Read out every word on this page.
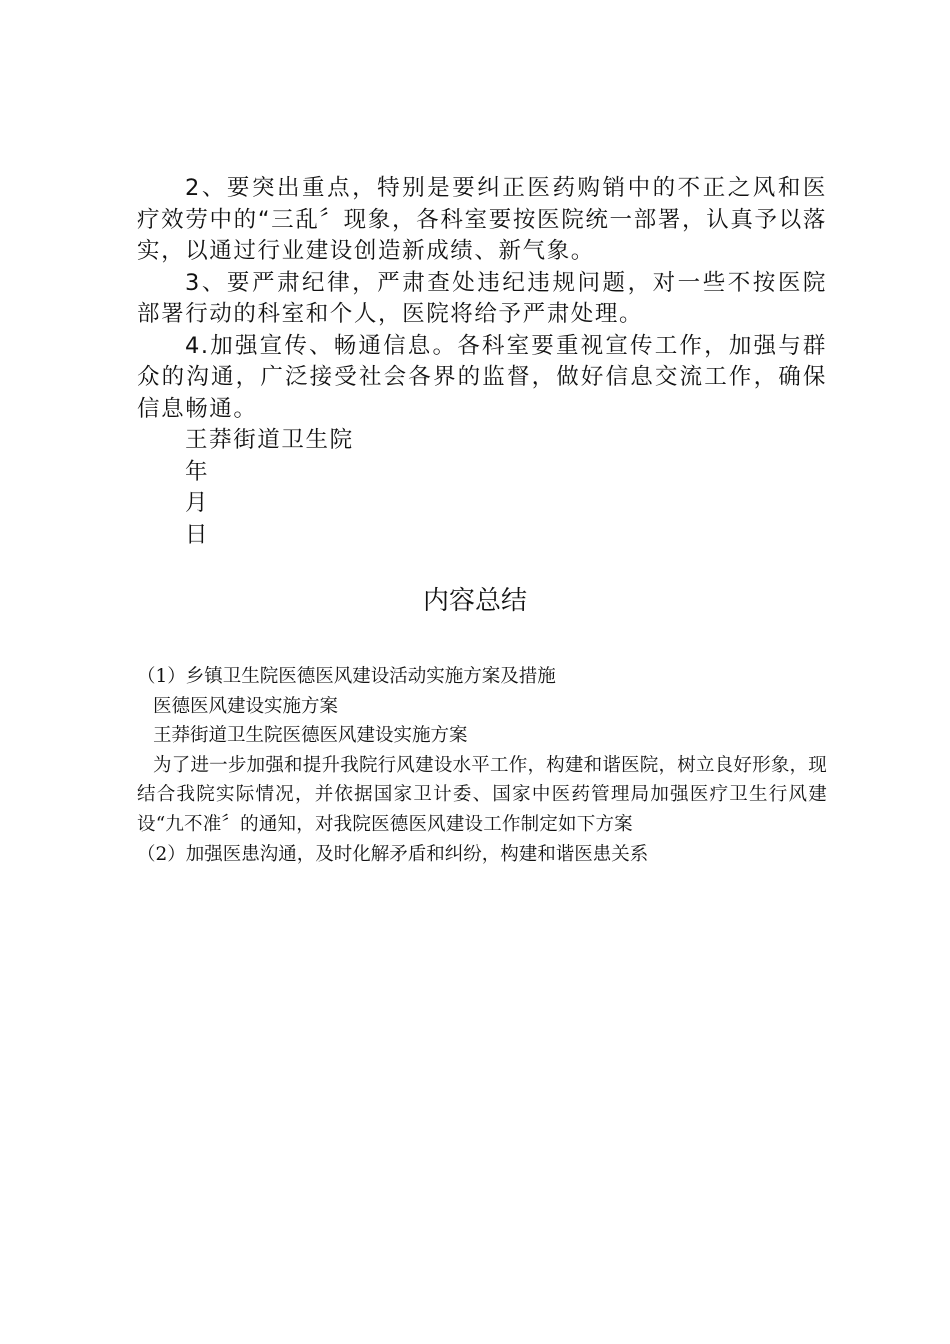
2、要突出重点，特别是要纠正医药购销中的不正之风和医疗效劳中的“三乱〞现象，各科室要按医院统一部署，认真予以落实，以通过行业建设创造新成绩、新气象。

3、要严肃纪律，严肃查处违纪违规问题，对一些不按医院部署行动的科室和个人，医院将给予严肃处理。

4.加强宣传、畅通信息。各科室要重视宣传工作，加强与群众的沟通，广泛接受社会各界的监督，做好信息交流工作，确保信息畅通。

王莽街道卫生院

年

月

日

内容总结

（1）乡镇卫生院医德医风建设活动实施方案及措施

医德医风建设实施方案

王莽街道卫生院医德医风建设实施方案

为了进一步加强和提升我院行风建设水平工作，构建和谐医院，树立良好形象，现结合我院实际情况，并依据国家卫计委、国家中医药管理局加强医疗卫生行风建设“九不准〞的通知，对我院医德医风建设工作制定如下方案

（2）加强医患沟通，及时化解矛盾和纠纷，构建和谐医患关系
